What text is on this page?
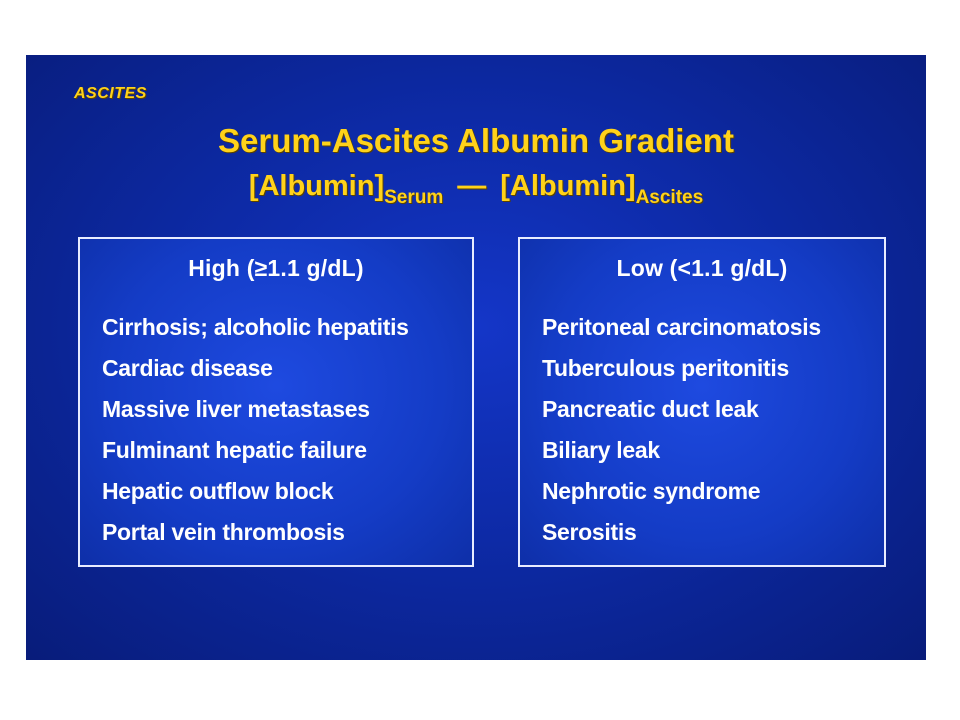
ASCITES
Serum-Ascites Albumin Gradient
$[Albumin]_{Serum}$ — $[Albumin]_{Ascites}$
High (≥1.1 g/dL)
Cirrhosis; alcoholic hepatitis
Cardiac disease
Massive liver metastases
Fulminant hepatic failure
Hepatic outflow block
Portal vein thrombosis
Low (<1.1 g/dL)
Peritoneal carcinomatosis
Tuberculous peritonitis
Pancreatic duct leak
Biliary leak
Nephrotic syndrome
Serositis
